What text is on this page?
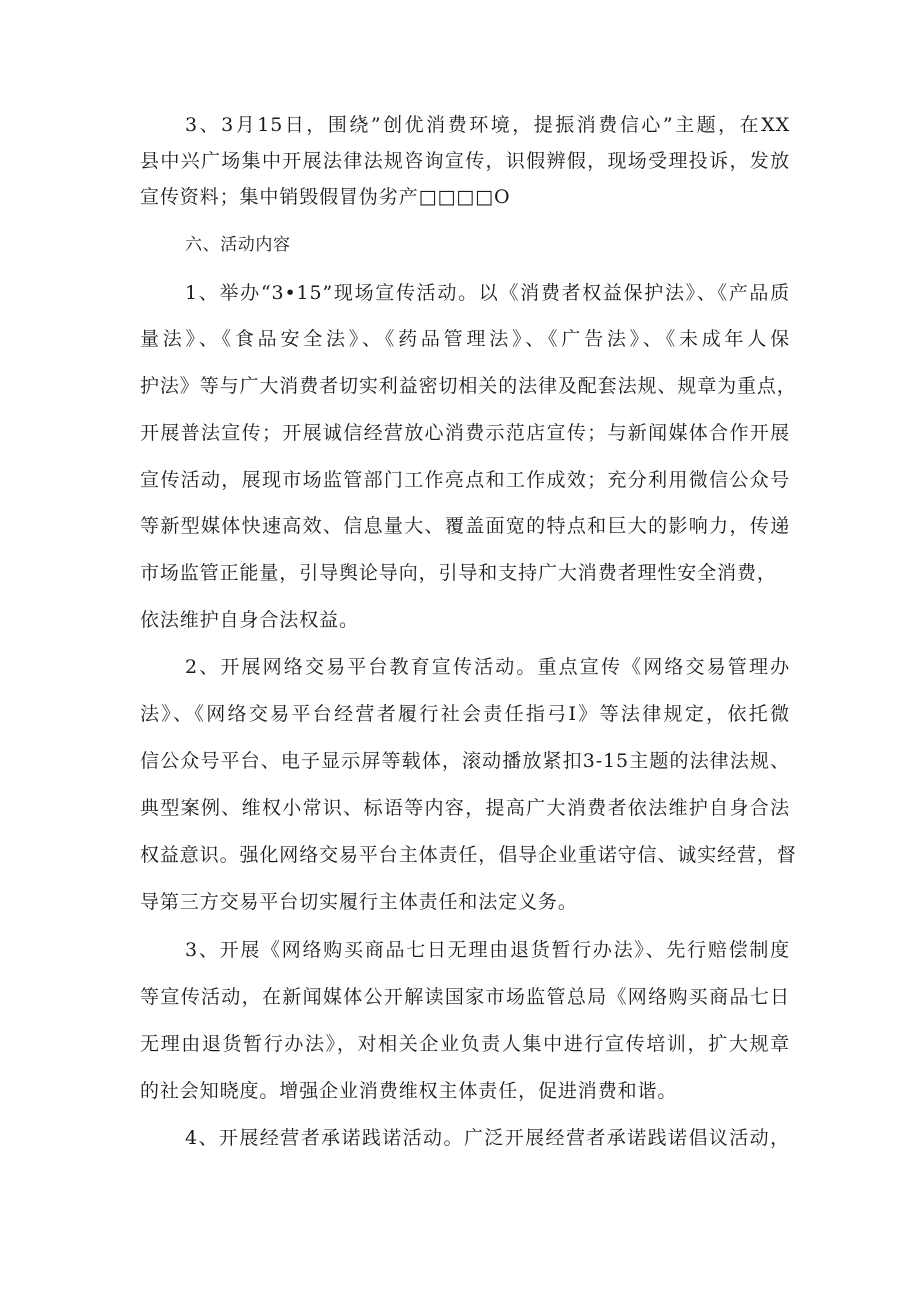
3、3月15日，围绕”创优消费环境，提振消费信心”主题，在XX
县中兴广场集中开展法律法规咨询宣传，识假辨假，现场受理投诉，发放
宣传资料；集中销毁假冒伪劣产□□□□O
六、活动内容
1、举办“3•15”现场宣传活动。以《消费者权益保护法》、《产品质
量法》、《食品安全法》、《药品管理法》、《广告法》、《未成年人保
护法》等与广大消费者切实利益密切相关的法律及配套法规、规章为重点，
开展普法宣传；开展诚信经营放心消费示范店宣传；与新闻媒体合作开展
宣传活动，展现市场监管部门工作亮点和工作成效；充分利用微信公众号
等新型媒体快速高效、信息量大、覆盖面宽的特点和巨大的影响力，传递
市场监管正能量，引导舆论导向，引导和支持广大消费者理性安全消费，
依法维护自身合法权益。
2、开展网络交易平台教育宣传活动。重点宣传《网络交易管理办
法》、《网络交易平台经营者履行社会责任指弓I》等法律规定，依托微
信公众号平台、电子显示屏等载体，滚动播放紧扣3-15主题的法律法规、
典型案例、维权小常识、标语等内容，提高广大消费者依法维护自身合法
权益意识。强化网络交易平台主体责任，倡导企业重诺守信、诚实经营，督
导第三方交易平台切实履行主体责任和法定义务。
3、开展《网络购买商品七日无理由退货暂行办法》、先行赔偿制度
等宣传活动，在新闻媒体公开解读国家市场监管总局《网络购买商品七日
无理由退货暂行办法》，对相关企业负责人集中进行宣传培训，扩大规章
的社会知晓度。增强企业消费维权主体责任，促进消费和谐。
4、开展经营者承诺践诺活动。广泛开展经营者承诺践诺倡议活动，
